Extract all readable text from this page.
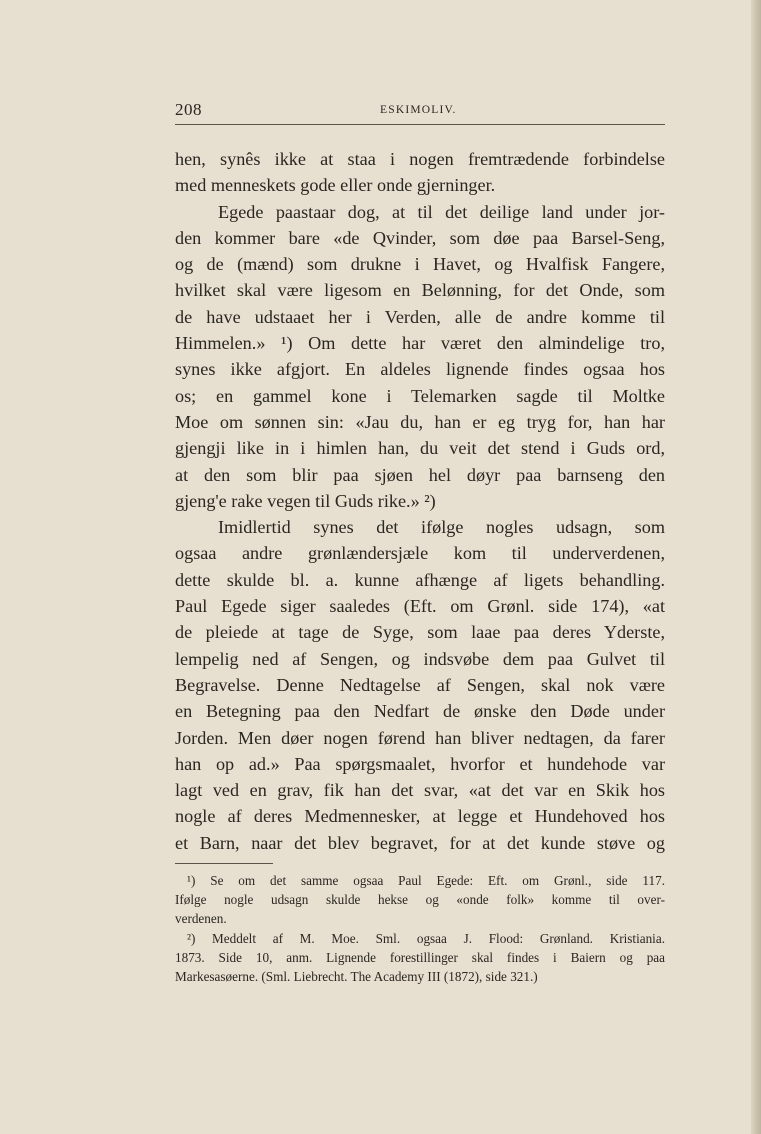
208	ESKIMOLIV.
hen, synês ikke at staa i nogen fremtrædende forbindelse
med menneskets gode eller onde gjerninger.
Egede paastaar dog, at til det deilige land under jor-
den kommer bare «de Qvinder, som døe paa Barsel-Seng,
og de (mænd) som drukne i Havet, og Hvalfisk Fangere,
hvilket skal være ligesom en Belønning, for det Onde, som
de have udstaaet her i Verden, alle de andre komme til
Himmelen.» ¹) Om dette har været den almindelige tro,
synes ikke afgjort. En aldeles lignende findes ogsaa hos
os; en gammel kone i Telemarken sagde til Moltke
Moe om sønnen sin: «Jau du, han er eg tryg for, han har
gjengji like in i himlen han, du veit det stend i Guds ord,
at den som blir paa sjøen hel døyr paa barnseng den
gjeng'e rake vegen til Guds rike.» ²)
Imidlertid synes det ifølge nogles udsagn, som
ogsaa andre grønlændersjæle kom til underverdenen,
dette skulde bl. a. kunne afhænge af ligets behandling.
Paul Egede siger saaledes (Eft. om Grønl. side 174), «at
de pleiede at tage de Syge, som laae paa deres Yderste,
lempelig ned af Sengen, og indsvøbe dem paa Gulvet til
Begravelse. Denne Nedtagelse af Sengen, skal nok være
en Betegning paa den Nedfart de ønske den Døde under
Jorden. Men døer nogen førend han bliver nedtagen, da farer
han op ad.» Paa spørgsmaalet, hvorfor et hundehode var
lagt ved en grav, fik han det svar, «at det var en Skik hos
nogle af deres Medmennesker, at legge et Hundehoved hos
et Barn, naar det blev begravet, for at det kunde støve og
¹) Se om det samme ogsaa Paul Egede: Eft. om Grønl., side 117.
Ifølge nogle udsagn skulde hekse og «onde folk» komme til over-
verdenen.
²) Meddelt af M. Moe. Sml. ogsaa J. Flood: Grønland. Kristiania.
1873. Side 10, anm. Lignende forestillinger skal findes i Baiern og paa
Markesasøerne. (Sml. Liebrecht. The Academy III (1872), side 321.)
